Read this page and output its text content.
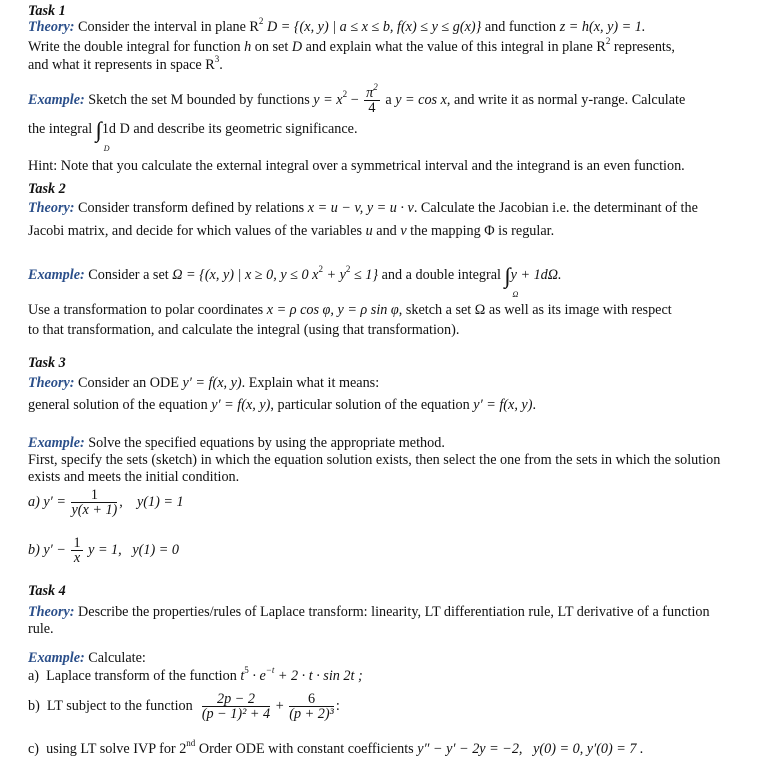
Task 1
Theory: Consider the interval in plane $R^2$ D = {(x, y) | a ≤ x ≤ b, f(x) ≤ y ≤ g(x)} and function z = h(x, y) = 1.
Write the double integral for function h on set D and explain what the value of this integral in plane $R^2$ represents,
and what it represents in space $R^3$.
Example: Sketch the set M bounded by functions $y = x^2 - \frac{\pi^2}{4}$ a y = cos x, and write it as normal y-range. Calculate
the integral ∫∫
D
1d D and describe its geometric significance.
Hint: Note that you calculate the external integral over a symmetrical interval and the integrand is an even function.
Task 2
Theory: Consider transform defined by relations x = u − v, y = u · v. Calculate the Jacobian i.e. the determinant of the
Jacobi matrix, and decide for which values of the variables u and v the mapping Φ is regular.
Example: Consider a set Ω = {(x, y) | x ≥ 0, y ≤ 0 $x^2 + y^2 \le 1$} and a double integral ∫∫
Ω
y + 1dΩ.
Use a transformation to polar coordinates x = ρ cos φ, y = ρ sin φ, sketch a set Ω as well as its image with respect
to that transformation, and calculate the integral (using that transformation).
Task 3
Theory: Consider an ODE y′ = f(x, y). Explain what it means:
general solution of the equation y′ = f(x, y), particular solution of the equation y′ = f(x, y).
Example: Solve the specified equations by using the appropriate method.
First, specify the sets (sketch) in which the equation solution exists, then select the one from the sets in which the solution
exists and meets the initial condition.
a) $y' = \frac{1}{y(x + 1)}$ ,    y(1) = 1
b) $y' - \frac{1}{x}$ y = 1, y(1) = 0
Task 4
Theory: Describe the properties/rules of Laplace transform: linearity, LT differentiation rule, LT derivative of a function
rule.
Example: Calculate:
a) Laplace transform of the function $t^5 \cdot e^{-t} + 2 \cdot t \cdot \sin 2t$ ;
b) LT subject to the function $\frac{2p - 2}{\text{(p − 1)² + 4}} + \frac{6}{\text{(p + 2)³}}$ :
c) using LT solve IVP for 2nd Order ODE with constant coefficients y″ − y′ − 2y = −2, y(0) = 0, y′(0) = 7 .
